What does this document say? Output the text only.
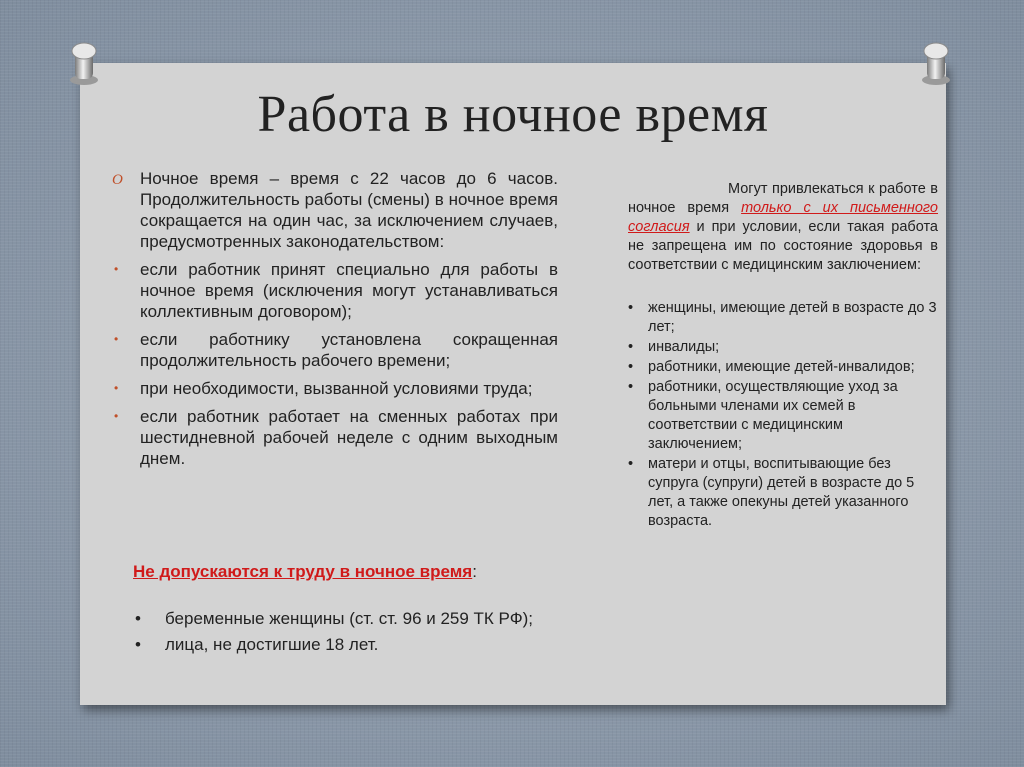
Работа в ночное время
O Ночное время – время с 22 часов до 6 часов. Продолжительность работы (смены) в ночное время сокращается на один час, за исключением случаев, предусмотренных законодательством:
• если работник принят специально для работы в ночное время (исключения могут устанавливаться коллективным договором);
• если работнику установлена сокращенная продолжительность рабочего времени;
• при необходимости, вызванной условиями труда;
• если работник работает на сменных работах при шестидневной рабочей неделе с одним выходным днем.
Не допускаются к труду в ночное время:
• беременные женщины (ст. ст. 96 и 259 ТК РФ);
• лица, не достигшие 18 лет.
Могут привлекаться к работе в ночное время только с их письменного согласия и при условии, если такая работа не запрещена им по состояние здоровья в соответствии с медицинским заключением:
• женщины, имеющие детей в возрасте до 3 лет;
• инвалиды;
• работники, имеющие детей-инвалидов;
• работники, осуществляющие уход за больными членами их семей в соответствии с медицинским заключением;
• матери и отцы, воспитывающие без супруга (супруги) детей в возрасте до 5 лет, а также опекуны детей указанного возраста.
